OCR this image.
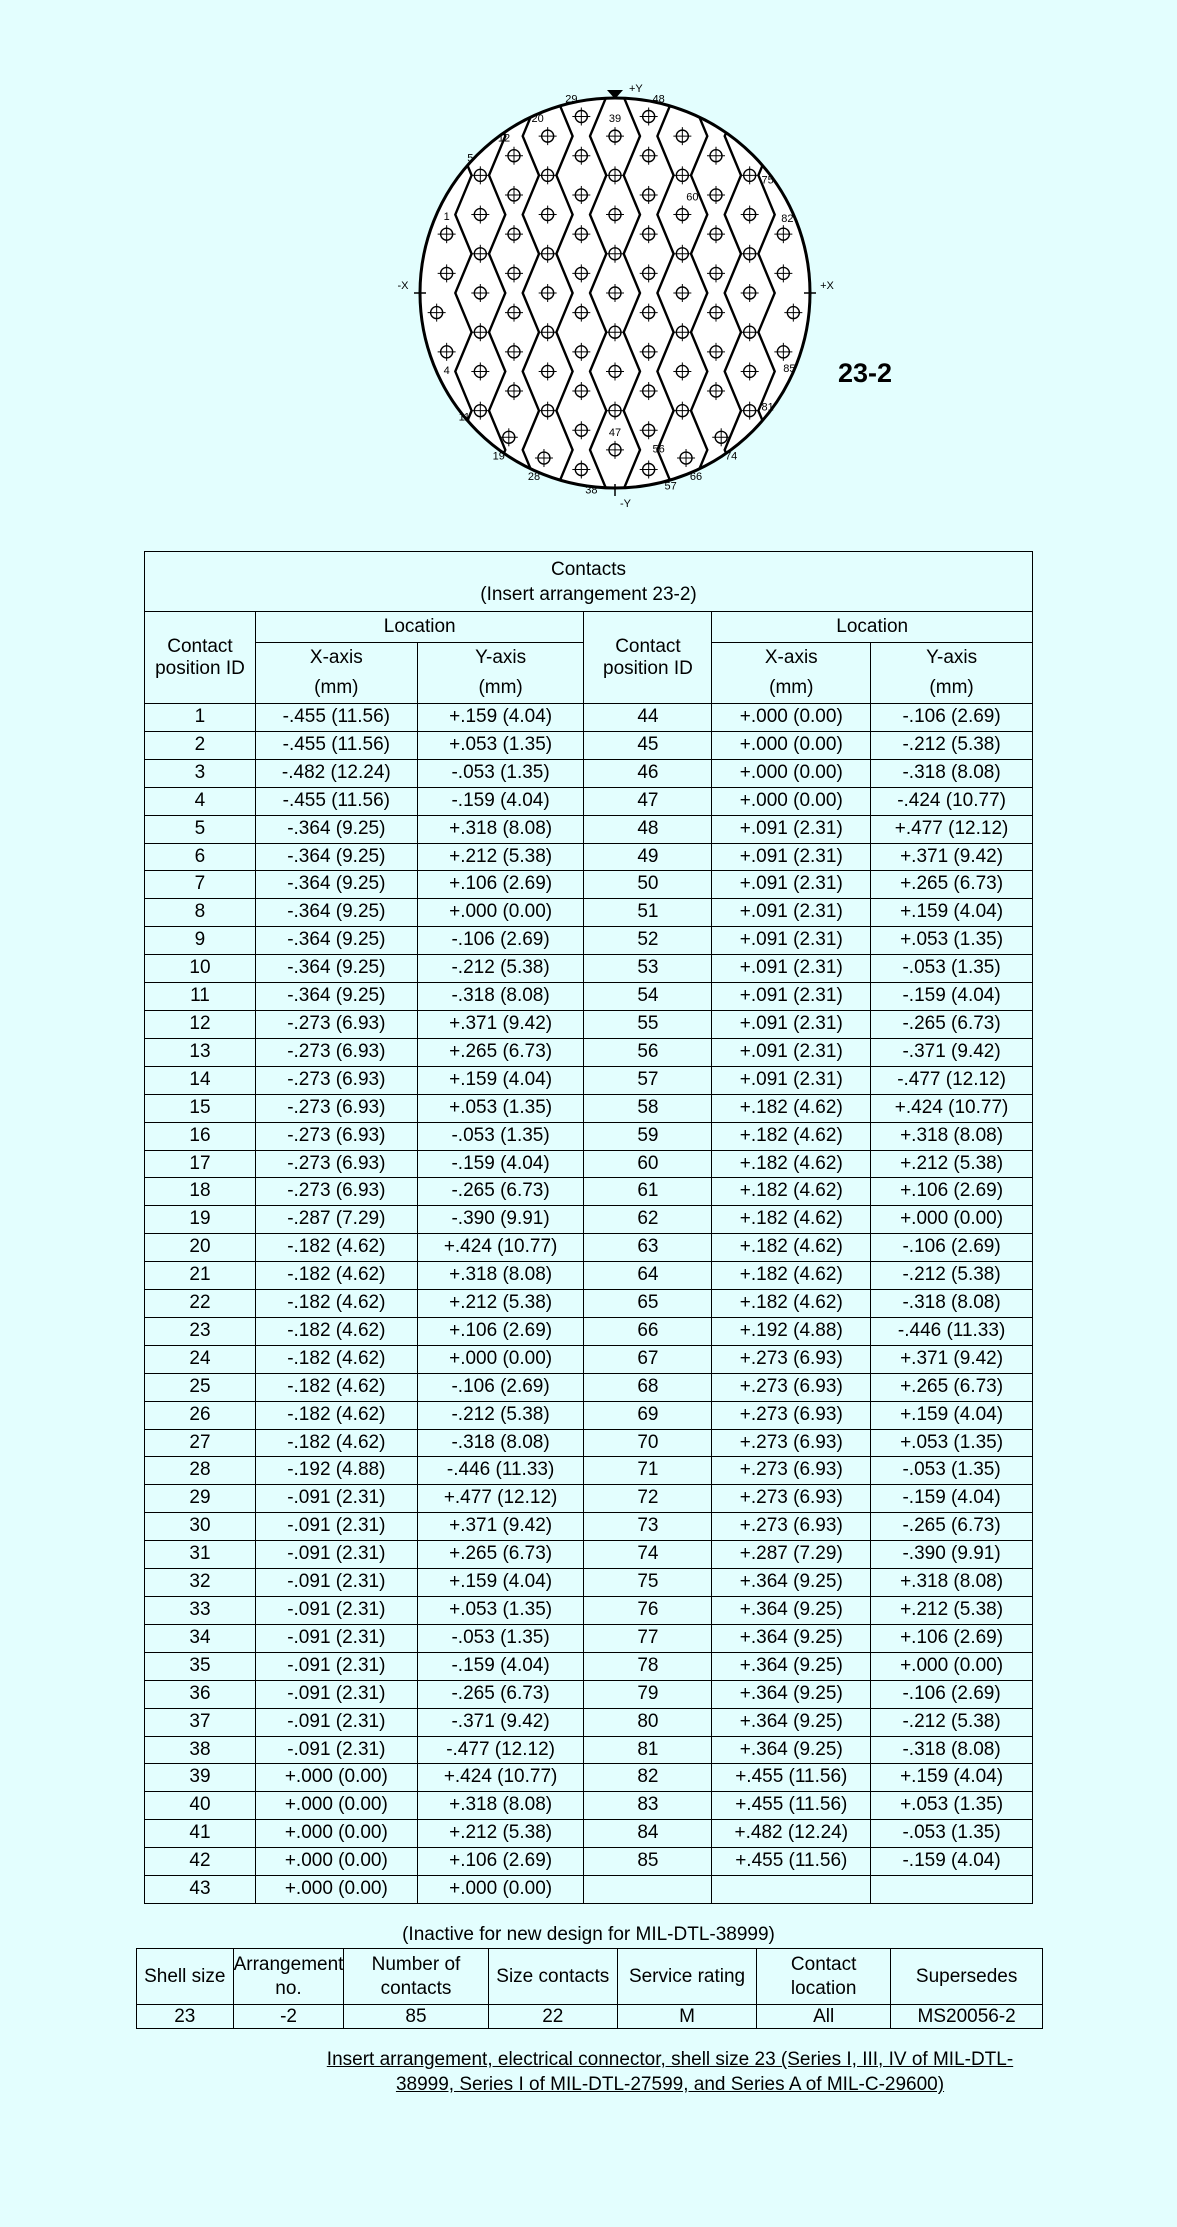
1
4
5
11
12
19
20
28
29
38
39
47
48
56
57
60
66
74
75
81
82
85
+Y
-Y
-X	+X
23-2
Contacts
(Insert arrangement 23-2)					

Contact position ID	Location		Contact position ID	Location	
	X-axis	Y-axis		X-axis	Y-axis
	(mm)	(mm)		(mm)	(mm)
1	-.455 (11.56)	+.159 (4.04)	44	+.000 (0.00)	-.106 (2.69)
2	-.455 (11.56)	+.053 (1.35)	45	+.000 (0.00)	-.212 (5.38)
3	-.482 (12.24)	-.053 (1.35)	46	+.000 (0.00)	-.318 (8.08)
4	-.455 (11.56)	-.159 (4.04)	47	+.000 (0.00)	-.424 (10.77)
5	-.364 (9.25)	+.318 (8.08)	48	+.091 (2.31)	+.477 (12.12)
6	-.364 (9.25)	+.212 (5.38)	49	+.091 (2.31)	+.371 (9.42)
7	-.364 (9.25)	+.106 (2.69)	50	+.091 (2.31)	+.265 (6.73)
8	-.364 (9.25)	+.000 (0.00)	51	+.091 (2.31)	+.159 (4.04)
9	-.364 (9.25)	-.106 (2.69)	52	+.091 (2.31)	+.053 (1.35)
10	-.364 (9.25)	-.212 (5.38)	53	+.091 (2.31)	-.053 (1.35)
11	-.364 (9.25)	-.318 (8.08)	54	+.091 (2.31)	-.159 (4.04)
12	-.273 (6.93)	+.371 (9.42)	55	+.091 (2.31)	-.265 (6.73)
13	-.273 (6.93)	+.265 (6.73)	56	+.091 (2.31)	-.371 (9.42)
14	-.273 (6.93)	+.159 (4.04)	57	+.091 (2.31)	-.477 (12.12)
15	-.273 (6.93)	+.053 (1.35)	58	+.182 (4.62)	+.424 (10.77)
16	-.273 (6.93)	-.053 (1.35)	59	+.182 (4.62)	+.318 (8.08)
17	-.273 (6.93)	-.159 (4.04)	60	+.182 (4.62)	+.212 (5.38)
18	-.273 (6.93)	-.265 (6.73)	61	+.182 (4.62)	+.106 (2.69)
19	-.287 (7.29)	-.390 (9.91)	62	+.182 (4.62)	+.000 (0.00)
20	-.182 (4.62)	+.424 (10.77)	63	+.182 (4.62)	-.106 (2.69)
21	-.182 (4.62)	+.318 (8.08)	64	+.182 (4.62)	-.212 (5.38)
22	-.182 (4.62)	+.212 (5.38)	65	+.182 (4.62)	-.318 (8.08)
23	-.182 (4.62)	+.106 (2.69)	66	+.192 (4.88)	-.446 (11.33)
24	-.182 (4.62)	+.000 (0.00)	67	+.273 (6.93)	+.371 (9.42)
25	-.182 (4.62)	-.106 (2.69)	68	+.273 (6.93)	+.265 (6.73)
26	-.182 (4.62)	-.212 (5.38)	69	+.273 (6.93)	+.159 (4.04)
27	-.182 (4.62)	-.318 (8.08)	70	+.273 (6.93)	+.053 (1.35)
28	-.192 (4.88)	-.446 (11.33)	71	+.273 (6.93)	-.053 (1.35)
29	-.091 (2.31)	+.477 (12.12)	72	+.273 (6.93)	-.159 (4.04)
30	-.091 (2.31)	+.371 (9.42)	73	+.273 (6.93)	-.265 (6.73)
31	-.091 (2.31)	+.265 (6.73)	74	+.287 (7.29)	-.390 (9.91)
32	-.091 (2.31)	+.159 (4.04)	75	+.364 (9.25)	+.318 (8.08)
33	-.091 (2.31)	+.053 (1.35)	76	+.364 (9.25)	+.212 (5.38)
34	-.091 (2.31)	-.053 (1.35)	77	+.364 (9.25)	+.106 (2.69)
35	-.091 (2.31)	-.159 (4.04)	78	+.364 (9.25)	+.000 (0.00)
36	-.091 (2.31)	-.265 (6.73)	79	+.364 (9.25)	-.106 (2.69)
37	-.091 (2.31)	-.371 (9.42)	80	+.364 (9.25)	-.212 (5.38)
38	-.091 (2.31)	-.477 (12.12)	81	+.364 (9.25)	-.318 (8.08)
39	+.000 (0.00)	+.424 (10.77)	82	+.455 (11.56)	+.159 (4.04)
40	+.000 (0.00)	+.318 (8.08)	83	+.455 (11.56)	+.053 (1.35)
41	+.000 (0.00)	+.212 (5.38)	84	+.482 (12.24)	-.053 (1.35)
42	+.000 (0.00)	+.106 (2.69)	85	+.455 (11.56)	-.159 (4.04)
43	+.000 (0.00)	+.000 (0.00)			
(Inactive for new design for MIL-DTL-38999)
Shell size	Arrangement no.	Number of contacts	Size contacts	Service rating	Contact location	Supersedes
23	-2	85	22	M	All	MS20056-2
Insert arrangement, electrical connector, shell size 23 (Series I, III, IV of MIL-DTL-38999, Series I of MIL-DTL-27599, and Series A of MIL-C-29600)
